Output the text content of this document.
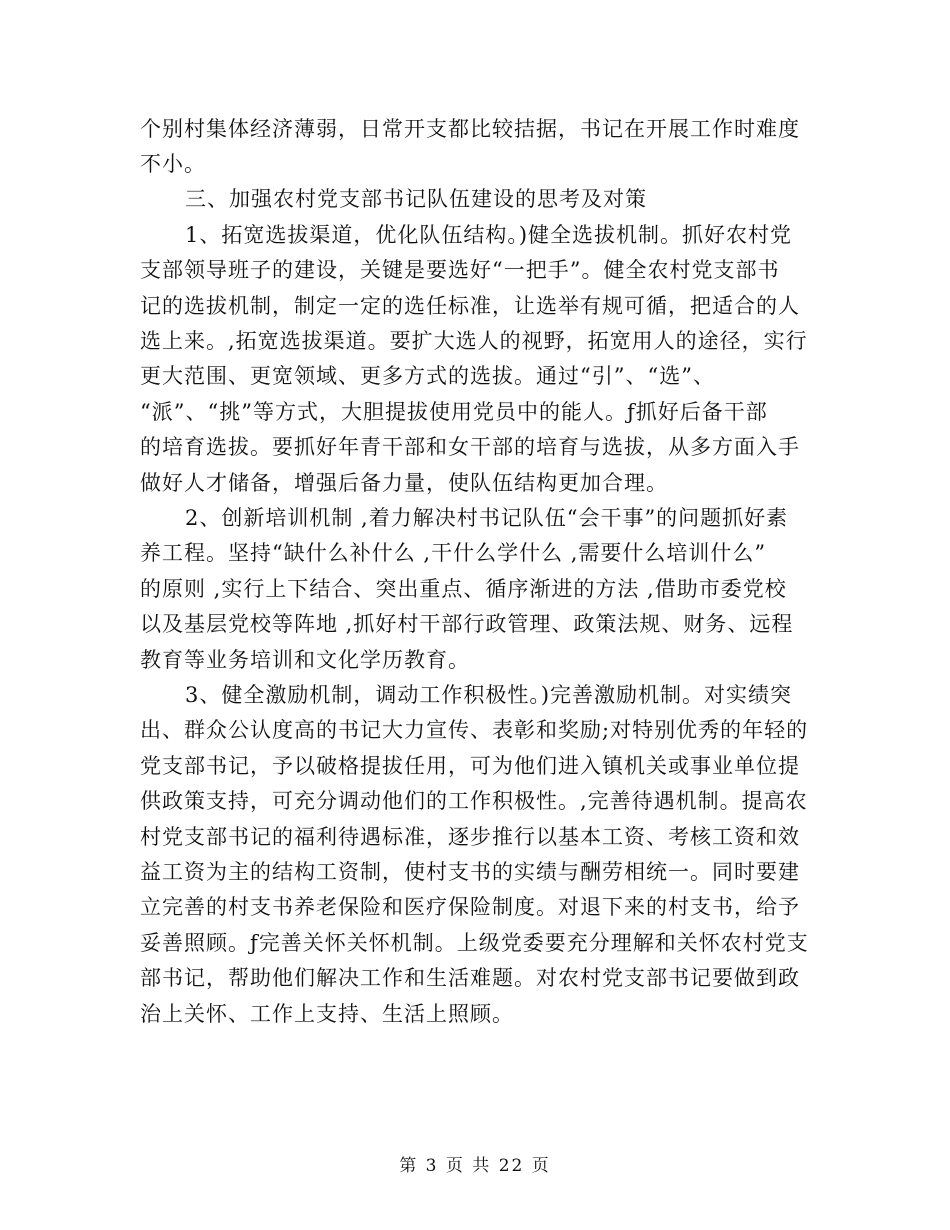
个别村集体经济薄弱，日常开支都比较拮据，书记在开展工作时难度
不小。
三、加强农村党支部书记队伍建设的思考及对策
1、拓宽选拔渠道，优化队伍结构。)健全选拔机制。抓好农村党
支部领导班子的建设，关键是要选好“一把手”。健全农村党支部书
记的选拔机制，制定一定的选任标准，让选举有规可循，把适合的人
选上来。,拓宽选拔渠道。要扩大选人的视野，拓宽用人的途径，实行
更大范围、更宽领域、更多方式的选拔。通过“引”、“选”、
“派”、“挑”等方式，大胆提拔使用党员中的能人。ƒ抓好后备干部
的培育选拔。要抓好年青干部和女干部的培育与选拔，从多方面入手
做好人才储备，增强后备力量，使队伍结构更加合理。
2、创新培训机制 ,着力解决村书记队伍“会干事”的问题抓好素
养工程。坚持“缺什么补什么 ,干什么学什么 ,需要什么培训什么”
的原则 ,实行上下结合、突出重点、循序渐进的方法 ,借助市委党校
以及基层党校等阵地 ,抓好村干部行政管理、政策法规、财务、远程
教育等业务培训和文化学历教育。
3、健全激励机制，调动工作积极性。)完善激励机制。对实绩突
出、群众公认度高的书记大力宣传、表彰和奖励;对特别优秀的年轻的
党支部书记，予以破格提拔任用，可为他们进入镇机关或事业单位提
供政策支持，可充分调动他们的工作积极性。,完善待遇机制。提高农
村党支部书记的福利待遇标准，逐步推行以基本工资、考核工资和效
益工资为主的结构工资制，使村支书的实绩与酬劳相统一。同时要建
立完善的村支书养老保险和医疗保险制度。对退下来的村支书，给予
妥善照顾。ƒ完善关怀关怀机制。上级党委要充分理解和关怀农村党支
部书记，帮助他们解决工作和生活难题。对农村党支部书记要做到政
治上关怀、工作上支持、生活上照顾。
第 3 页 共 22 页
